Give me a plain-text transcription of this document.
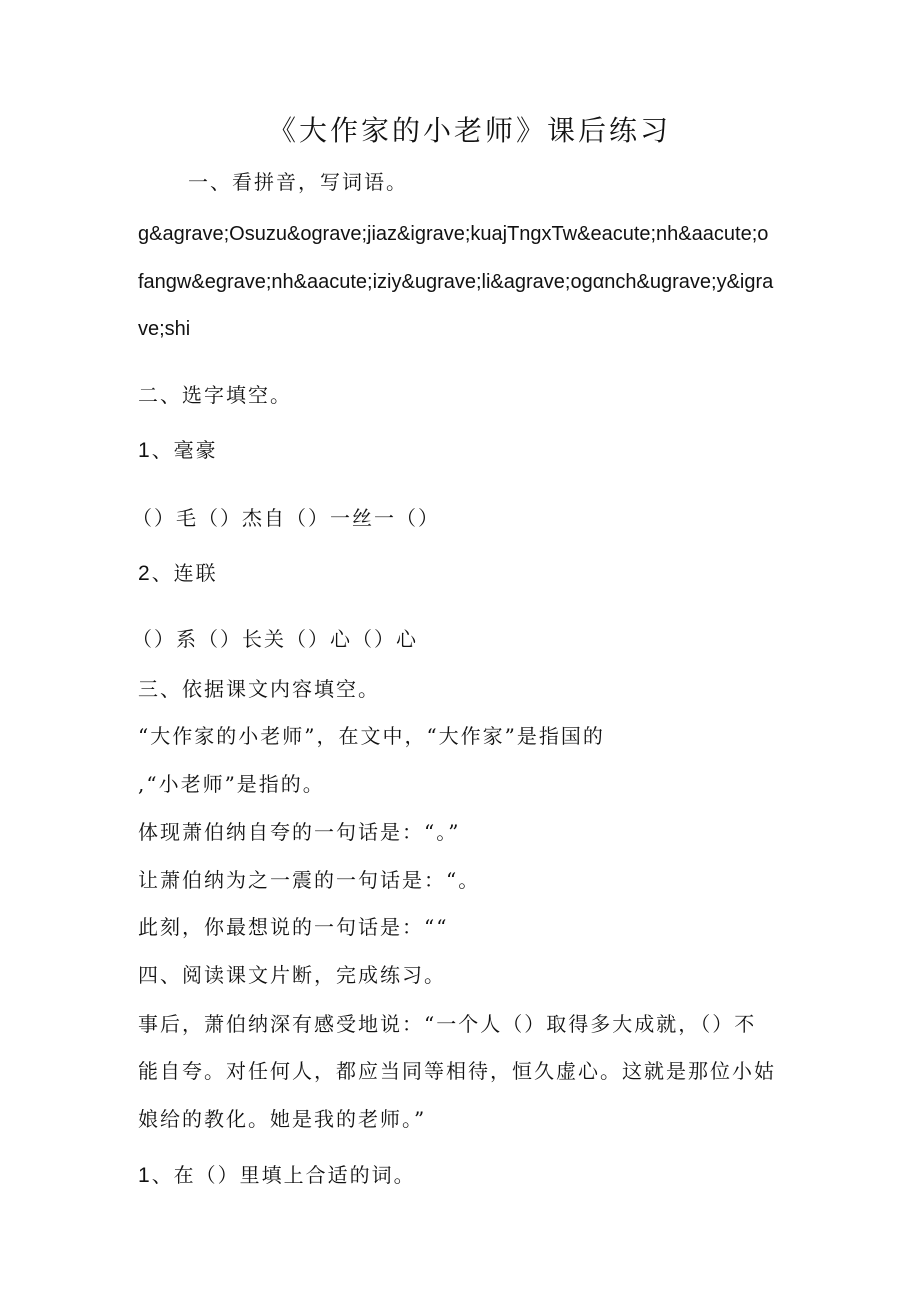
《大作家的小老师》课后练习
一、看拼音，写词语。
g&agrave;Osuzu&ograve;jiaz&igrave;kuajTngxTw&eacute;nh&aacute;o
fangw&egrave;nh&aacute;iziy&ugrave;li&agrave;ogαnch&ugrave;y&igra
ve;shi
二、选字填空。
1、毫豪
（）毛（）杰自（）一丝一（）
2、连联
（）系（）长关（）心（）心
三、依据课文内容填空。
“大作家的小老师”，在文中，“大作家”是指国的
,“小老师”是指的。
体现萧伯纳自夸的一句话是：“。”
让萧伯纳为之一震的一句话是：“。
此刻，你最想说的一句话是：““
四、阅读课文片断，完成练习。
事后，萧伯纳深有感受地说：“一个人（）取得多大成就，（）不
能自夸。对任何人，都应当同等相待，恒久虚心。这就是那位小姑
娘给的教化。她是我的老师。”
1、在（）里填上合适的词。
